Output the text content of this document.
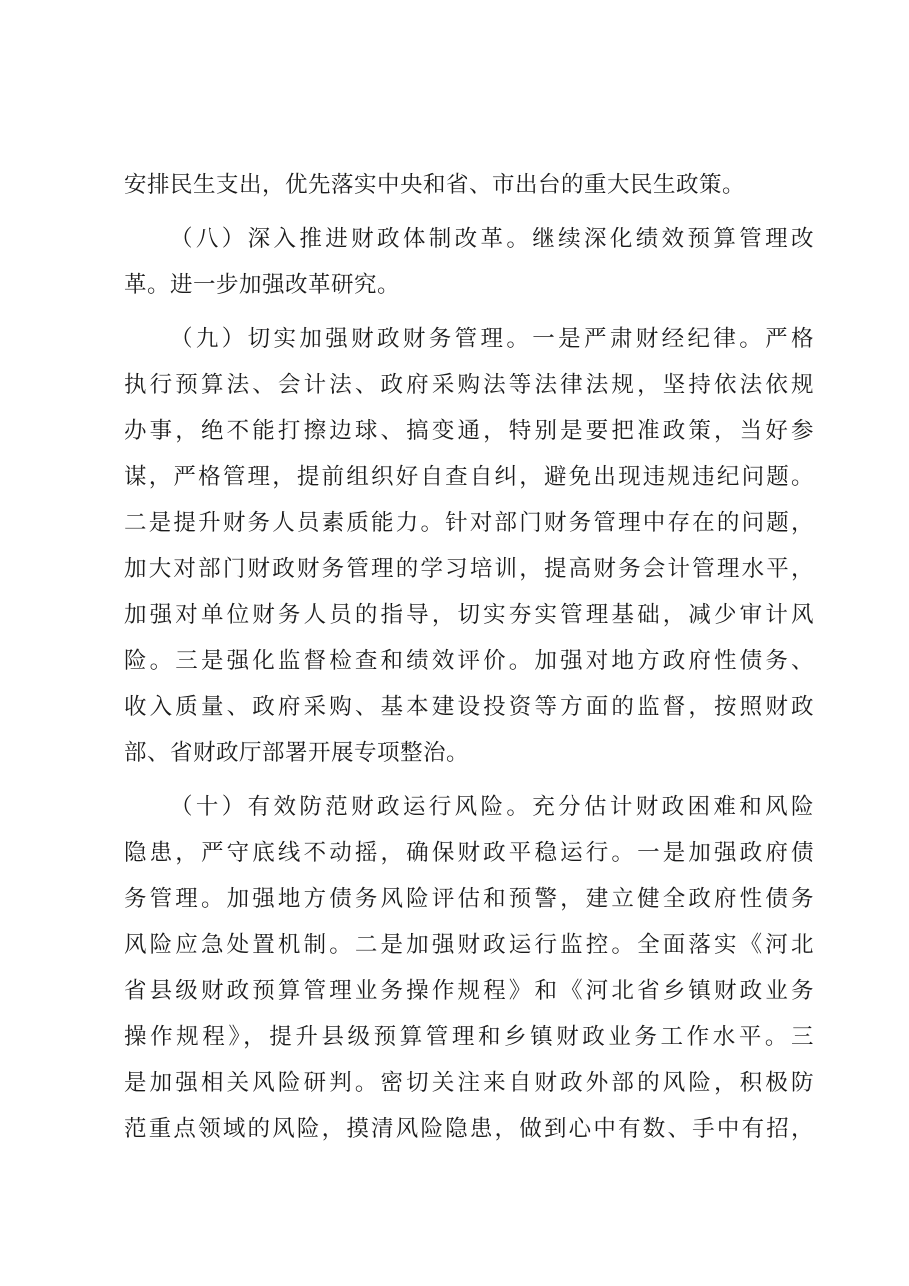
安排民生支出，优先落实中央和省、市出台的重大民生政策。
（八）深入推进财政体制改革。继续深化绩效预算管理改
革。进一步加强改革研究。
（九）切实加强财政财务管理。一是严肃财经纪律。严格
执行预算法、会计法、政府采购法等法律法规，坚持依法依规
办事，绝不能打擦边球、搞变通，特别是要把准政策，当好参
谋，严格管理，提前组织好自查自纠，避免出现违规违纪问题。
二是提升财务人员素质能力。针对部门财务管理中存在的问题，
加大对部门财政财务管理的学习培训，提高财务会计管理水平，
加强对单位财务人员的指导，切实夯实管理基础，减少审计风
险。三是强化监督检查和绩效评价。加强对地方政府性债务、
收入质量、政府采购、基本建设投资等方面的监督，按照财政
部、省财政厅部署开展专项整治。
（十）有效防范财政运行风险。充分估计财政困难和风险
隐患，严守底线不动摇，确保财政平稳运行。一是加强政府债
务管理。加强地方债务风险评估和预警，建立健全政府性债务
风险应急处置机制。二是加强财政运行监控。全面落实《河北
省县级财政预算管理业务操作规程》和《河北省乡镇财政业务
操作规程》，提升县级预算管理和乡镇财政业务工作水平。三
是加强相关风险研判。密切关注来自财政外部的风险，积极防
范重点领域的风险，摸清风险隐患，做到心中有数、手中有招，
